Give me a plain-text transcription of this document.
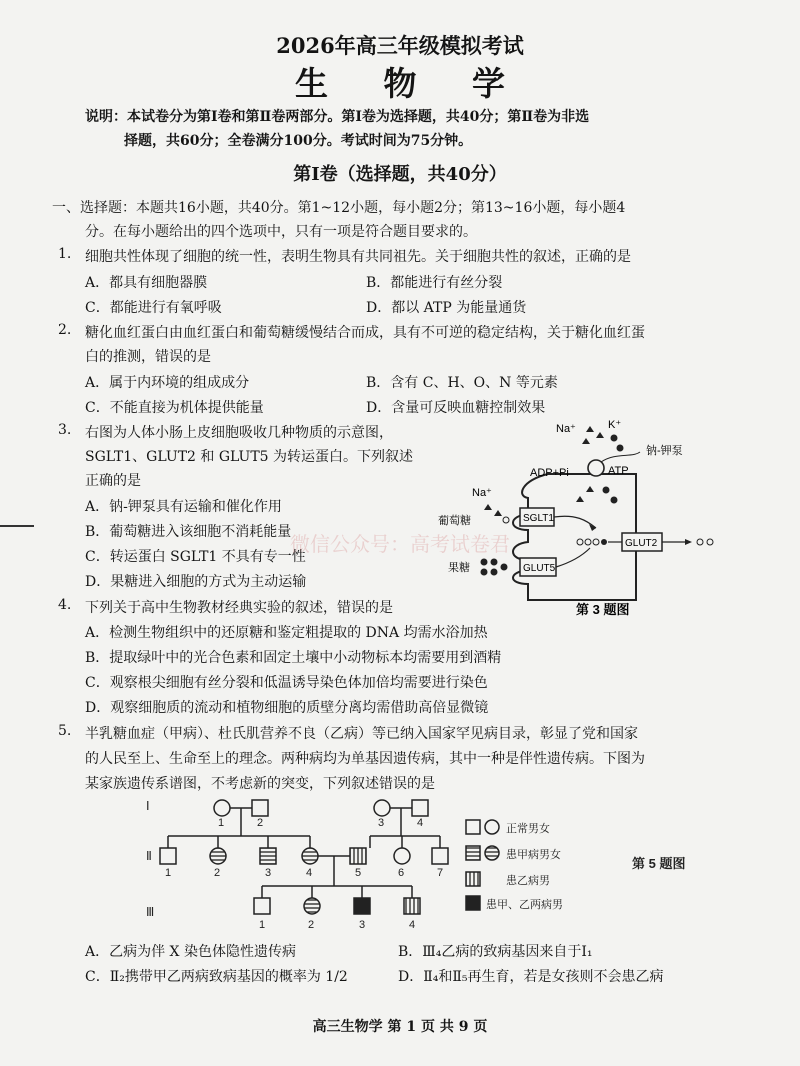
2026年高三年级模拟考试
生 物 学
说明：本试卷分为第Ⅰ卷和第Ⅱ卷两部分。第Ⅰ卷为选择题，共40分；第Ⅱ卷为非选
择题，共60分；全卷满分100分。考试时间为75分钟。
第Ⅰ卷（选择题，共40分）
一、选择题：本题共16小题，共40分。第1~12小题，每小题2分；第13~16小题，每小题4
分。在每小题给出的四个选项中，只有一项是符合题目要求的。
1. 细胞共性体现了细胞的统一性，表明生物具有共同祖先。关于细胞共性的叙述，正确的是
A．都具有细胞器膜	B．都能进行有丝分裂
C．都能进行有氧呼吸	D．都以 ATP 为能量通货
2. 糖化血红蛋白由血红蛋白和葡萄糖缓慢结合而成，具有不可逆的稳定结构，关于糖化血红蛋
白的推测，错误的是
A．属于内环境的组成成分	B．含有 C、H、O、N 等元素
C．不能直接为机体提供能量	D．含量可反映血糖控制效果
3. 右图为人体小肠上皮细胞吸收几种物质的示意图，
SGLT1、GLUT2 和 GLUT5 为转运蛋白。下列叙述
正确的是
A．钠-钾泵具有运输和催化作用
B．葡萄糖进入该细胞不消耗能量
C．转运蛋白 SGLT1 不具有专一性
D．果糖进入细胞的方式为主动运输
Na⁺	K⁺
钠-钾泵
ADP+Pi	ATP
Na⁺
葡萄糖
果糖
SGLT1
GLUT2
GLUT5
第 3 题图
微信公众号：高考试卷君
4. 下列关于高中生物教材经典实验的叙述，错误的是
A．检测生物组织中的还原糖和鉴定粗提取的 DNA 均需水浴加热
B．提取绿叶中的光合色素和固定土壤中小动物标本均需要用到酒精
C．观察根尖细胞有丝分裂和低温诱导染色体加倍均需要进行染色
D．观察细胞质的流动和植物细胞的质壁分离均需借助高倍显微镜
5. 半乳糖血症（甲病）、杜氏肌营养不良（乙病）等已纳入国家罕见病目录，彰显了党和国家
的人民至上、生命至上的理念。两种病均为单基因遗传病，其中一种是伴性遗传病。下图为
某家族遗传系谱图，不考虑新的突变，下列叙述错误的是
Ⅰ
Ⅱ
Ⅲ
1	2	3	4
1	2	3	4	5	6	7
1	2	3	4
正常男女
患甲病男女
患乙病男
患甲、乙两病男
第 5 题图
A．乙病为伴 X 染色体隐性遗传病	B．Ⅲ₄乙病的致病基因来自于Ⅰ₁
C．Ⅱ₂携带甲乙两病致病基因的概率为 1/2	D．Ⅱ₄和Ⅱ₅再生育，若是女孩则不会患乙病
高三生物学 第 1 页 共 9 页
